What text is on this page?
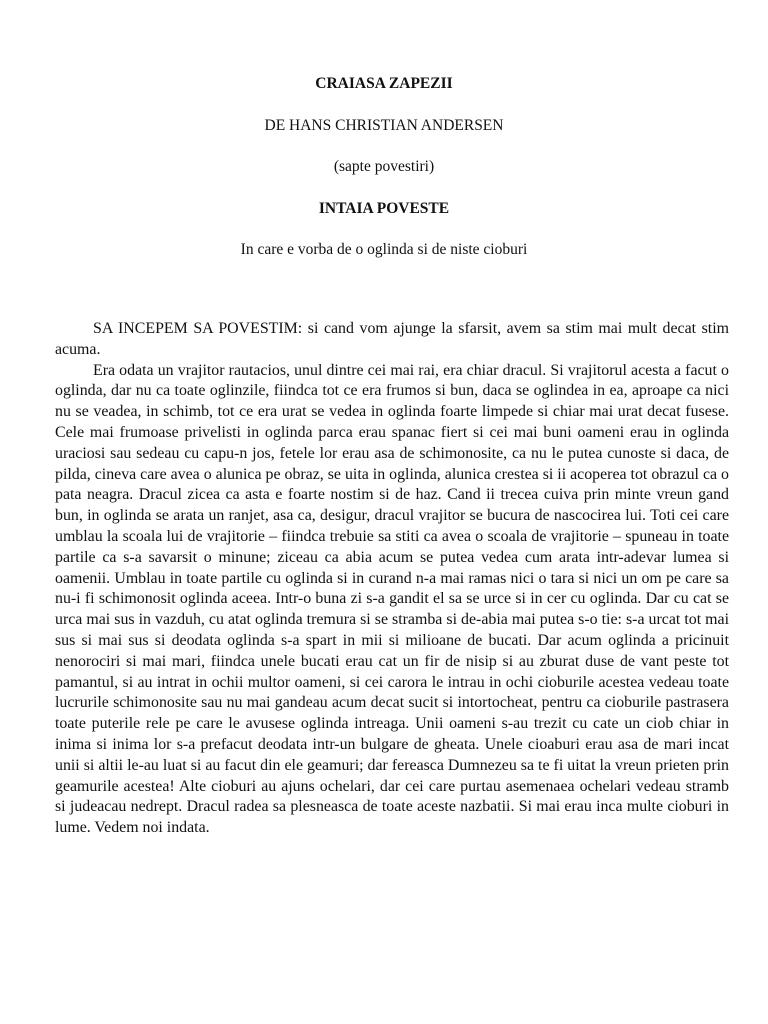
CRAIASA ZAPEZII
DE HANS CHRISTIAN ANDERSEN
(sapte povestiri)
INTAIA POVESTE
In care e vorba de o oglinda si de niste cioburi

SA INCEPEM SA POVESTIM: si cand vom ajunge la sfarsit, avem sa stim mai mult decat stim acuma.

Era odata un vrajitor rautacios, unul dintre cei mai rai, era chiar dracul. Si vrajitorul acesta a facut o oglinda, dar nu ca toate oglinzile, fiindca tot ce era frumos si bun, daca se oglindea in ea, aproape ca nici nu se veadea, in schimb, tot ce era urat se vedea in oglinda foarte limpede si chiar mai urat decat fusese. Cele mai frumoase privelisti in oglinda parca erau spanac fiert si cei mai buni oameni erau in oglinda uraciosi sau sedeau cu capu-n jos, fetele lor erau asa de schimonosite, ca nu le putea cunoste si daca, de pilda, cineva care avea o alunica pe obraz, se uita in oglinda, alunica crestea si ii acoperea tot obrazul ca o pata neagra. Dracul zicea ca asta e foarte nostim si de haz. Cand ii trecea cuiva prin minte vreun gand bun, in oglinda se arata un ranjet, asa ca, desigur, dracul vrajitor se bucura de nascocirea lui. Toti cei care umblau la scoala lui de vrajitorie – fiindca trebuie sa stiti ca avea o scoala de vrajitorie – spuneau in toate partile ca s-a savarsit o minune; ziceau ca abia acum se putea vedea cum arata intr-adevar lumea si oamenii. Umblau in toate partile cu oglinda si in curand n-a mai ramas nici o tara si nici un om pe care sa nu-i fi schimonosit oglinda aceea. Intr-o buna zi s-a gandit el sa se urce si in cer cu oglinda. Dar cu cat se urca mai sus in vazduh, cu atat oglinda tremura si se stramba si de-abia mai putea s-o tie: s-a urcat tot mai sus si mai sus si deodata oglinda s-a spart in mii si milioane de bucati. Dar acum oglinda a pricinuit nenorociri si mai mari, fiindca unele bucati erau cat un fir de nisip si au zburat duse de vant peste tot pamantul, si au intrat in ochii multor oameni, si cei carora le intrau in ochi cioburile acestea vedeau toate lucrurile schimonosite sau nu mai gandeau acum decat sucit si intortocheat, pentru ca cioburile pastrasera toate puterile rele pe care le avusese oglinda intreaga. Unii oameni s-au trezit cu cate un ciob chiar in inima si inima lor s-a prefacut deodata intr-un bulgare de gheata. Unele cioaburi erau asa de mari incat unii si altii le-au luat si au facut din ele geamuri; dar fereasca Dumnezeu sa te fi uitat la vreun prieten prin geamurile acestea! Alte cioburi au ajuns ochelari, dar cei care purtau asemenaea ochelari vedeau stramb si judeacau nedrept. Dracul radea sa plesneasca de toate aceste nazbatii. Si mai erau inca multe cioburi in lume. Vedem noi indata.
